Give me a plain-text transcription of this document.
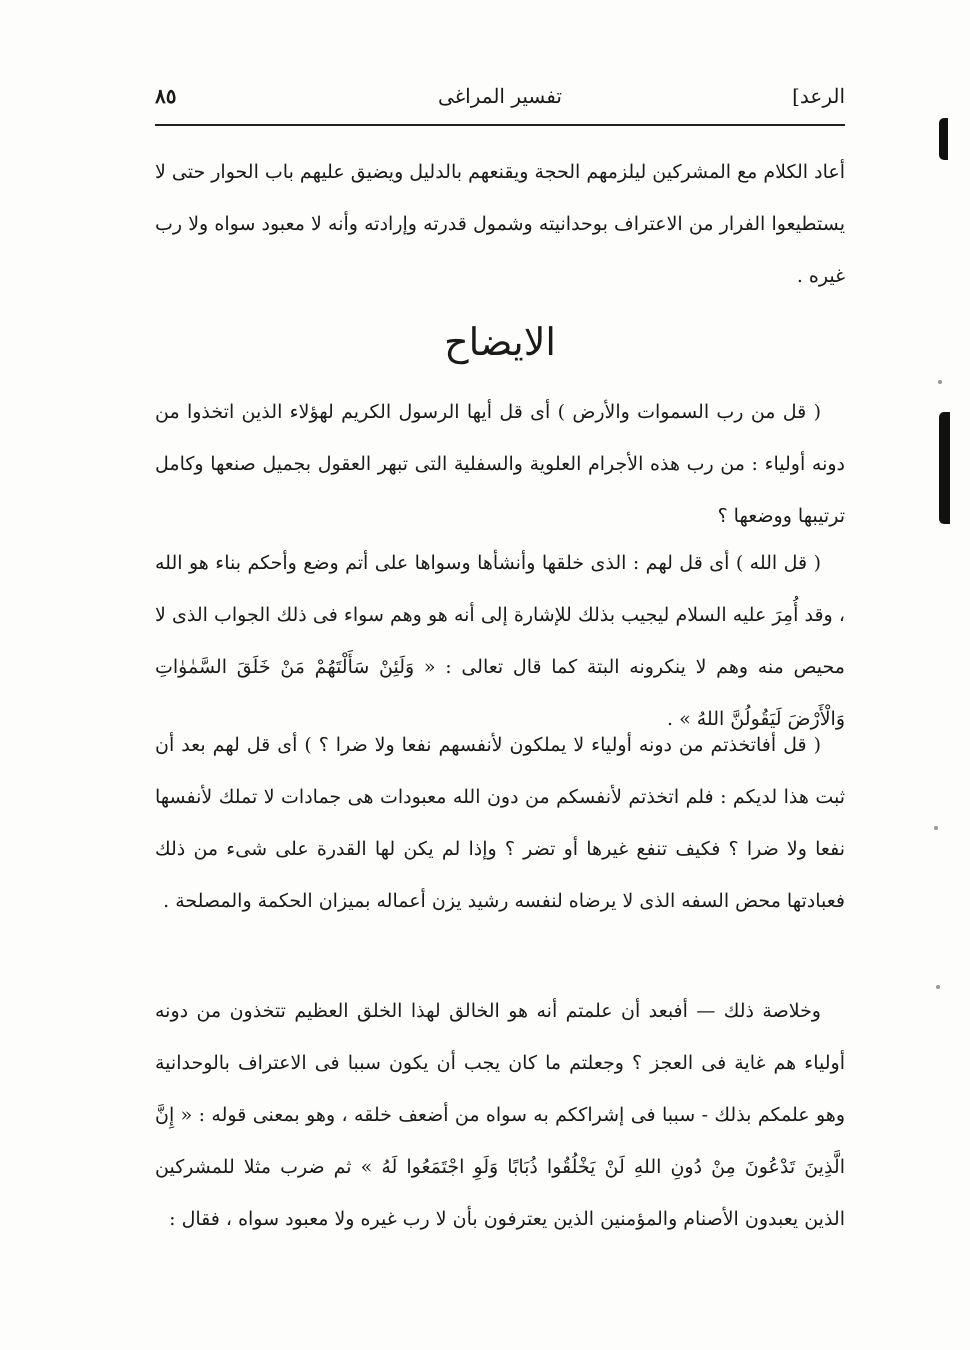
الرعد]
تفسير المراغى
٨٥

أعاد الكلام مع المشركين ليلزمهم الحجة ويقنعهم بالدليل ويضيق عليهم باب الحوار حتى لا يستطيعوا الفرار من الاعتراف بوحدانيته وشمول قدرته وإرادته وأنه لا معبود سواه ولا رب غيره .

الايضاح

( قل من رب السموات والأرض ) أى قل أيها الرسول الكريم لهؤلاء الذين اتخذوا من دونه أولياء : من رب هذه الأجرام العلوية والسفلية التى تبهر العقول بجميل صنعها وكامل ترتيبها ووضعها ؟

( قل الله ) أى قل لهم : الذى خلقها وأنشأها وسواها على أتم وضع وأحكم بناء هو الله ، وقد أُمِرَ عليه السلام ليجيب بذلك للإشارة إلى أنه هو وهم سواء فى ذلك الجواب الذى لا محيص منه وهم لا ينكرونه البتة كما قال تعالى : « وَلَئِنْ سَأَلْتَهُمْ مَنْ خَلَقَ السَّمٰوٰاتِ وَالْأَرْضَ لَيَقُولُنَّ اللهُ » .

( قل أفاتخذتم من دونه أولياء لا يملكون لأنفسهم نفعا ولا ضرا ؟ ) أى قل لهم بعد أن ثبت هذا لديكم : فلم اتخذتم لأنفسكم من دون الله معبودات هى جمادات لا تملك لأنفسها نفعا ولا ضرا ؟ فكيف تنفع غيرها أو تضر ؟ وإذا لم يكن لها القدرة على شىء من ذلك فعبادتها محض السفه الذى لا يرضاه لنفسه رشيد يزن أعماله بميزان الحكمة والمصلحة .

وخلاصة ذلك — أفبعد أن علمتم أنه هو الخالق لهذا الخلق العظيم تتخذون من دونه أولياء هم غاية فى العجز ؟ وجعلتم ما كان يجب أن يكون سببا فى الاعتراف بالوحدانية وهو علمكم بذلك - سببا فى إشراككم به سواه من أضعف خلقه ، وهو بمعنى قوله : « إِنَّ الَّذِينَ تَدْعُونَ مِنْ دُونِ اللهِ لَنْ يَخْلُقُوا ذُبَابًا وَلَوِ اجْتَمَعُوا لَهُ » ثم ضرب مثلا للمشركين الذين يعبدون الأصنام والمؤمنين الذين يعترفون بأن لا رب غيره ولا معبود سواه ، فقال :
